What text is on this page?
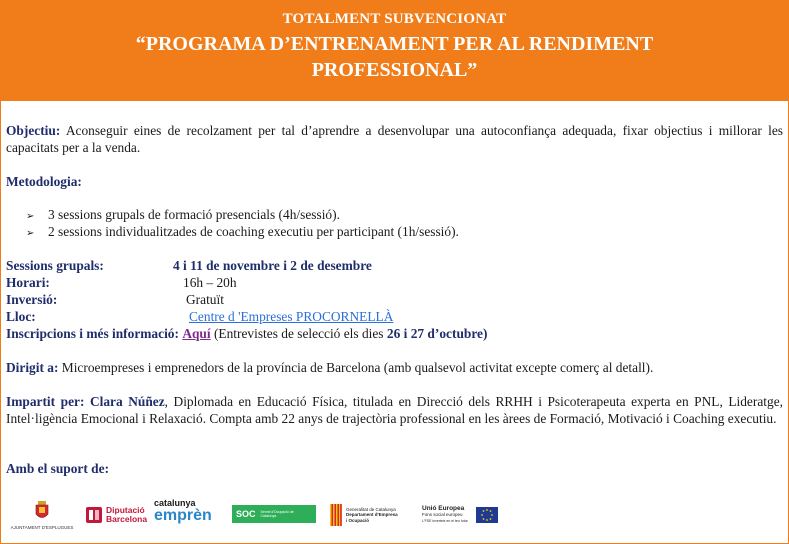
TOTALMENT SUBVENCIONAT
“PROGRAMA D’ENTRENAMENT PER AL RENDIMENT
PROFESSIONAL”
Objectiu: Aconseguir eines de recolzament per tal d’aprendre a desenvolupar una autoconfiança adequada, fixar objectius i millorar les capacitats per a la venda.
Metodologia:
➢ 3 sessions grupals de formació presencials (4h/sessió).
➢ 2 sessions individualitzades de coaching executiu per participant (1h/sessió).
Sessions grupals:	4 i 11 de novembre i 2 de desembre
Horari:	16h – 20h
Inversió:	Gratuït
Lloc:	Centre d 'Empreses PROCORNELLÀ
Inscripcions i més informació: Aquí (Entrevistes de selecció els dies 26 i 27 d’octubre)
Dirigit a: Microempreses i emprenedors de la província de Barcelona (amb qualsevol activitat excepte comerç al detall).
Impartit per: Clara Núñez, Diplomada en Educació Física, titulada en Direcció dels RRHH i Psicoterapeuta experta en PNL, Lideratge, Intel·ligència Emocional i Relaxació. Compta amb 22 anys de trajectòria professional en les àrees de Formació, Motivació i Coaching executiu.
Amb el suport de:
AJUNTAMENT D'ESPLUGUES
Diputació
Barcelona
catalunya
emprèn	SOC Servei d'Ocupació de Catalunya
Generalitat de Catalunya
Departament d'Empresa
i Ocupació
Unió Europea
Fons social europeu
L'FSE inverteix en el teu futur
